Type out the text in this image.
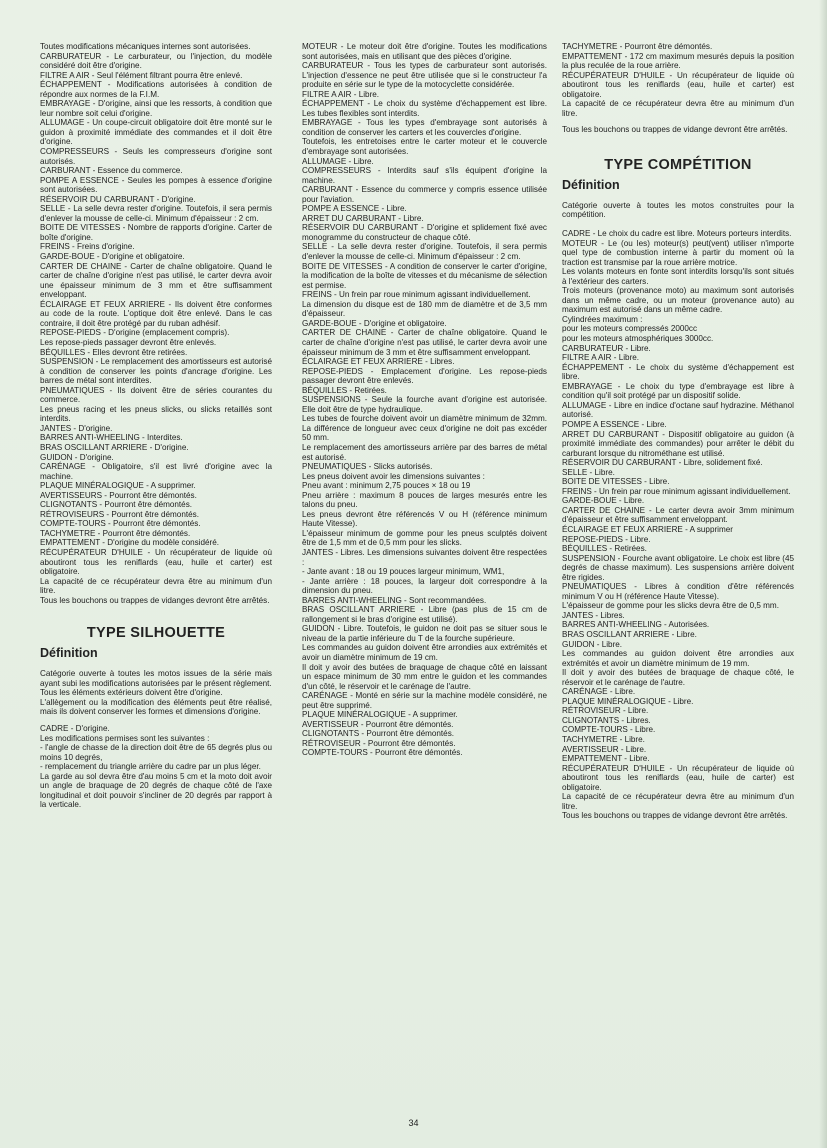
Toutes modifications mécaniques internes sont autorisées.

CARBURATEUR - Le carburateur, ou l'injection, du modèle considéré doit être d'origine.

FILTRE A AIR - Seul l'élément filtrant pourra être enlevé.

ÉCHAPPEMENT - Modifications autorisées à condition de répondre aux normes de la F.I.M.

EMBRAYAGE - D'origine, ainsi que les ressorts, à condition que leur nombre soit celui d'origine.

ALLUMAGE - Un coupe-circuit obligatoire doit être monté sur le guidon à proximité immédiate des commandes et il doit être d'origine.

COMPRESSEURS - Seuls les compresseurs d'origine sont autorisés.

CARBURANT - Essence du commerce.

POMPE A ESSENCE - Seules les pompes à essence d'origine sont autorisées.

RÉSERVOIR DU CARBURANT - D'origine.

SELLE - La selle devra rester d'origine. Toutefois, il sera permis d'enlever la mousse de celle-ci. Minimum d'épaisseur : 2 cm.

BOITE DE VITESSES - Nombre de rapports d'origine. Carter de boîte d'origine.

FREINS - Freins d'origine.

GARDE-BOUE - D'origine et obligatoire.

CARTER DE CHAINE - Carter de chaîne obligatoire. Quand le carter de chaîne d'origine n'est pas utilisé, le carter devra avoir une épaisseur minimum de 3 mm et être suffisamment enveloppant.

ÉCLAIRAGE ET FEUX ARRIERE - Ils doivent être conformes au code de la route. L'optique doit être enlevé. Dans le cas contraire, il doit être protégé par du ruban adhésif.

REPOSE-PIEDS - D'origine (emplacement compris).

Les repose-pieds passager devront être enlevés.

BÉQUILLES - Elles devront être retirées.

SUSPENSION - Le remplacement des amortisseurs est autorisé à condition de conserver les points d'ancrage d'origine. Les barres de métal sont interdites.

PNEUMATIQUES - Ils doivent être de séries courantes du commerce.

Les pneus racing et les pneus slicks, ou slicks retaillés sont interdits.

JANTES - D'origine.

BARRES ANTI-WHEELING - Interdites.

BRAS OSCILLANT ARRIERE - D'origine.

GUIDON - D'origine.

CARÉNAGE - Obligatoire, s'il est livré d'origine avec la machine.

PLAQUE MINÉRALOGIQUE - A supprimer.

AVERTISSEURS - Pourront être démontés.

CLIGNOTANTS - Pourront être démontés.

RÉTROVISEURS - Pourront être démontés.

COMPTE-TOURS - Pourront être démontés.

TACHYMETRE - Pourront être démontés.

EMPATTEMENT - D'origine du modèle considéré.

RÉCUPÉRATEUR D'HUILE - Un récupérateur de liquide où aboutiront tous les reniflards (eau, huile et carter) est obligatoire.

La capacité de ce récupérateur devra être au minimum d'un litre.

Tous les bouchons ou trappes de vidanges devront être arrêtés.

TYPE SILHOUETTE
Définition

Catégorie ouverte à toutes les motos issues de la série mais ayant subi les modifications autorisées par le présent règlement.

Tous les éléments extérieurs doivent être d'origine.

L'allègement ou la modification des éléments peut être réalisé, mais ils doivent conserver les formes et dimensions d'origine.

CADRE - D'origine.

Les modifications permises sont les suivantes :

- l'angle de chasse de la direction doit être de 65 degrés plus ou moins 10 degrés,

- remplacement du triangle arrière du cadre par un plus léger.

La garde au sol devra être d'au moins 5 cm et la moto doit avoir un angle de braquage de 20 degrés de chaque côté de l'axe longitudinal et doit pouvoir s'incliner de 20 degrés par rapport à la verticale.

MOTEUR - Le moteur doit être d'origine. Toutes les modifications sont autorisées, mais en utilisant que des pièces d'origine.

CARBURATEUR - Tous les types de carburateur sont autorisés. L'injection d'essence ne peut être utilisée que si le constructeur l'a produite en série sur le type de la motocyclette considérée.

FILTRE A AIR - Libre.

ÉCHAPPEMENT - Le choix du système d'échappement est libre. Les tubes flexibles sont interdits.

EMBRAYAGE - Tous les types d'embrayage sont autorisés à condition de conserver les carters et les couvercles d'origine.

Toutefois, les entretoises entre le carter moteur et le couvercle d'embrayage sont autorisées.

ALLUMAGE - Libre.

COMPRESSEURS - Interdits sauf s'ils équipent d'origine la machine.

CARBURANT - Essence du commerce y compris essence utilisée pour l'aviation.

POMPE A ESSENCE - Libre.

ARRET DU CARBURANT - Libre.

RÉSERVOIR DU CARBURANT - D'origine et splidement fixé avec monogramme du constructeur de chaque côté.

SELLE - La selle devra rester d'origine. Toutefois, il sera permis d'enlever la mousse de celle-ci. Minimum d'épaisseur : 2 cm.

BOITE DE VITESSES - A condition de conserver le carter d'origine, la modification de la boîte de vitesses et du mécanisme de sélection est permise.

FREINS - Un frein par roue minimum agissant individuellement.

La dimension du disque est de 180 mm de diamètre et de 3,5 mm d'épaisseur.

GARDE-BOUE - D'origine et obligatoire.

CARTER DE CHAINE - Carter de chaîne obligatoire. Quand le carter de chaîne d'origine n'est pas utilisé, le carter devra avoir une épaisseur minimum de 3 mm et être suffisamment enveloppant.

ÉCLAIRAGE ET FEUX ARRIERE - Libres.

REPOSE-PIEDS - Emplacement d'origine. Les repose-pieds passager devront être enlevés.

BÉQUILLES - Retirées.

SUSPENSIONS - Seule la fourche avant d'origine est autorisée. Elle doit être de type hydraulique.

Les tubes de fourche doivent avoir un diamètre minimum de 32mm. La différence de longueur avec ceux d'origine ne doit pas excéder 50 mm.

Le remplacement des amortisseurs arrière par des barres de métal est autorisé.

PNEUMATIQUES - Slicks autorisés.

Les pneus doivent avoir les dimensions suivantes :

Pneu avant : minimum 2,75 pouces × 18 ou 19

Pneu arrière : maximum 8 pouces de larges mesurés entre les talons du pneu.

Les pneus devront être référencés V ou H (référence minimum Haute Vitesse).

L'épaisseur minimum de gomme pour les pneus sculptés doivent être de 1,5 mm et de 0,5 mm pour les slicks.

JANTES - Libres. Les dimensions suivantes doivent être respectées :

- Jante avant : 18 ou 19 pouces largeur minimum, WM1,

- Jante arrière : 18 pouces, la largeur doit correspondre à la dimension du pneu.

BARRES ANTI-WHEELING - Sont recommandées.

BRAS OSCILLANT ARRIERE - Libre (pas plus de 15 cm de rallongement si le bras d'origine est utilisé).

GUIDON - Libre. Toutefois, le guidon ne doit pas se situer sous le niveau de la partie inférieure du T de la fourche supérieure.

Les commandes au guidon doivent être arrondies aux extrémités et avoir un diamètre minimum de 19 cm.

Il doit y avoir des butées de braquage de chaque côté en laissant un espace minimum de 30 mm entre le guidon et les commandes d'un côté, le réservoir et le carénage de l'autre.

CARÉNAGE - Monté en série sur la machine modèle considéré, ne peut être supprimé.

PLAQUE MINÉRALOGIQUE - A supprimer.

AVERTISSEUR - Pourront être démontés.

CLIGNOTANTS - Pourront être démontés.

RÉTROVISEUR - Pourront être démontés.

COMPTE-TOURS - Pourront être démontés.

TACHYMETRE - Pourront être démontés.

EMPATTEMENT - 172 cm maximum mesurés depuis la position la plus reculée de la roue arrière.

RÉCUPÉRATEUR D'HUILE - Un récupérateur de liquide où aboutiront tous les reniflards (eau, huile et carter) est obligatoire.

La capacité de ce récupérateur devra être au minimum d'un litre.

Tous les bouchons ou trappes de vidange devront être arrêtés.

TYPE COMPÉTITION
Définition

Catégorie ouverte à toutes les motos construites pour la compétition.

CADRE - Le choix du cadre est libre. Moteurs porteurs interdits.

MOTEUR - Le (ou les) moteur(s) peut(vent) utiliser n'importe quel type de combustion interne à partir du moment où la traction est transmise par la roue arrière motrice.

Les volants moteurs en fonte sont interdits lorsqu'ils sont situés à l'extérieur des carters.

Trois moteurs (provenance moto) au maximum sont autorisés dans un même cadre, ou un moteur (provenance auto) au maximum est autorisé dans un même cadre.

Cylindrées maximum :

pour les moteurs compressés 2000cc

pour les moteurs atmosphériques 3000cc.

CARBURATEUR - Libre.

FILTRE A AIR - Libre.

ÉCHAPPEMENT - Le choix du système d'échappement est libre.

EMBRAYAGE - Le choix du type d'embrayage est libre à condition qu'il soit protégé par un dispositif solide.

ALLUMAGE - Libre en indice d'octane sauf hydrazine. Méthanol autorisé.

POMPE A ESSENCE - Libre.

ARRET DU CARBURANT - Dispositif obligatoire au guidon (à proximité immédiate des commandes) pour arrêter le débit du carburant lorsque du nitrométhane est utilisé.

RÉSERVOIR DU CARBURANT - Libre, solidement fixé.

SELLE - Libre.

BOITE DE VITESSES - Libre.

FREINS - Un frein par roue minimum agissant individuellement.

GARDE-BOUE - Libre.

CARTER DE CHAINE - Le carter devra avoir 3mm minimum d'épaisseur et être suffisamment enveloppant.

ÉCLAIRAGE ET FEUX ARRIERE - A supprimer

REPOSE-PIEDS - Libre.

BÉQUILLES - Retirées.

SUSPENSION - Fourche avant obligatoire. Le choix est libre (45 degrés de chasse maximum). Les suspensions arrière doivent être rigides.

PNEUMATIQUES - Libres à condition d'être référencés minimum V ou H (référence Haute Vitesse).

L'épaisseur de gomme pour les slicks devra être de 0,5 mm.

JANTES - Libres.

BARRES ANTI-WHEELING - Autorisées.

BRAS OSCILLANT ARRIERE - Libre.

GUIDON - Libre.

Les commandes au guidon doivent être arrondies aux extrémités et avoir un diamètre minimum de 19 mm.

Il doit y avoir des butées de braquage de chaque côté, le réservoir et le carénage de l'autre.

CARÉNAGE - Libre.

PLAQUE MINÉRALOGIQUE - Libre.

RÉTROVISEUR - Libre.

CLIGNOTANTS - Libres.

COMPTE-TOURS - Libre.

TACHYMETRE - Libre.

AVERTISSEUR - Libre.

EMPATTEMENT - Libre.

RÉCUPÉRATEUR D'HUILE - Un récupérateur de liquide où aboutiront tous les reniflards (eau, huile de carter) est obligatoire.

La capacité de ce récupérateur devra être au minimum d'un litre.

Tous les bouchons ou trappes de vidange devront être arrêtés.

34
